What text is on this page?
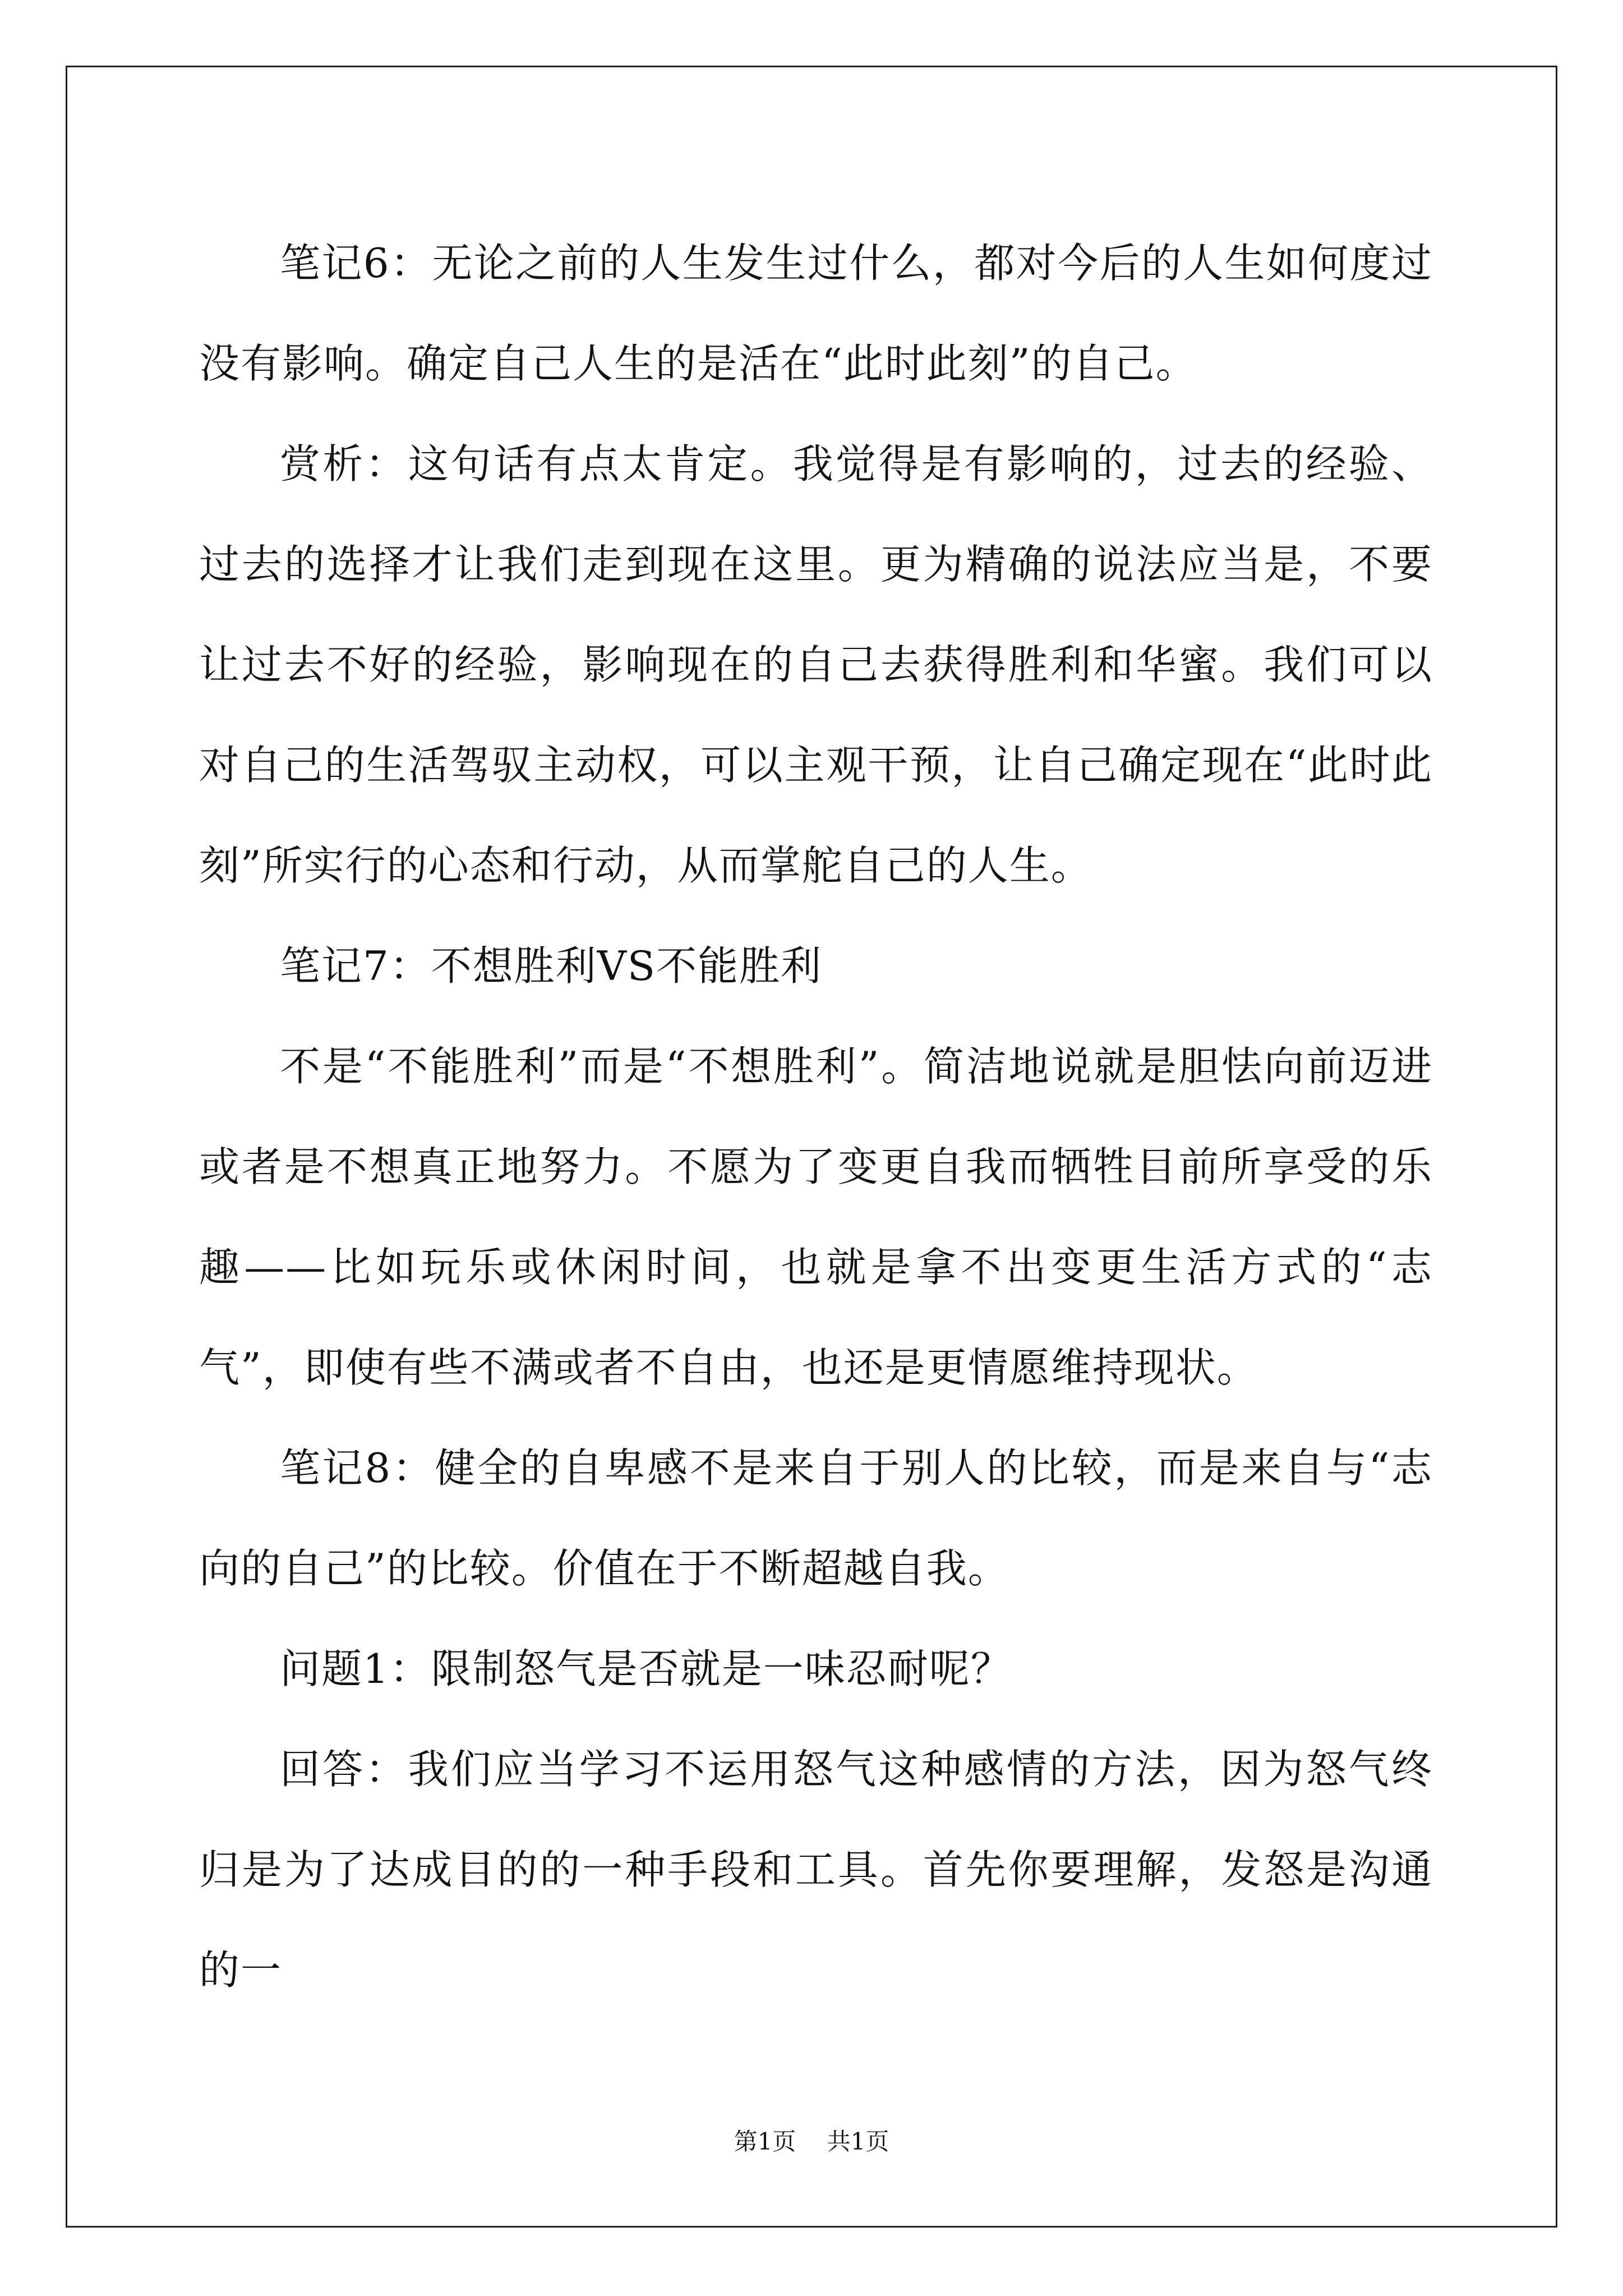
笔记6：无论之前的人生发生过什么，都对今后的人生如何度过没有影响。确定自己人生的是活在“此时此刻”的自己。

赏析：这句话有点太肯定。我觉得是有影响的，过去的经验、过去的选择才让我们走到现在这里。更为精确的说法应当是，不要让过去不好的经验，影响现在的自己去获得胜利和华蜜。我们可以对自己的生活驾驭主动权，可以主观干预，让自己确定现在“此时此刻”所实行的心态和行动，从而掌舵自己的人生。

笔记7：不想胜利VS不能胜利

不是“不能胜利”而是“不想胜利”。简洁地说就是胆怯向前迈进或者是不想真正地努力。不愿为了变更自我而牺牲目前所享受的乐趣——比如玩乐或休闲时间，也就是拿不出变更生活方式的“志气”，即使有些不满或者不自由，也还是更情愿维持现状。

笔记8：健全的自卑感不是来自于别人的比较，而是来自与“志向的自己”的比较。价值在于不断超越自我。

问题1：限制怒气是否就是一味忍耐呢？

回答：我们应当学习不运用怒气这种感情的方法，因为怒气终归是为了达成目的的一种手段和工具。首先你要理解，发怒是沟通的一

第1页 共1页
